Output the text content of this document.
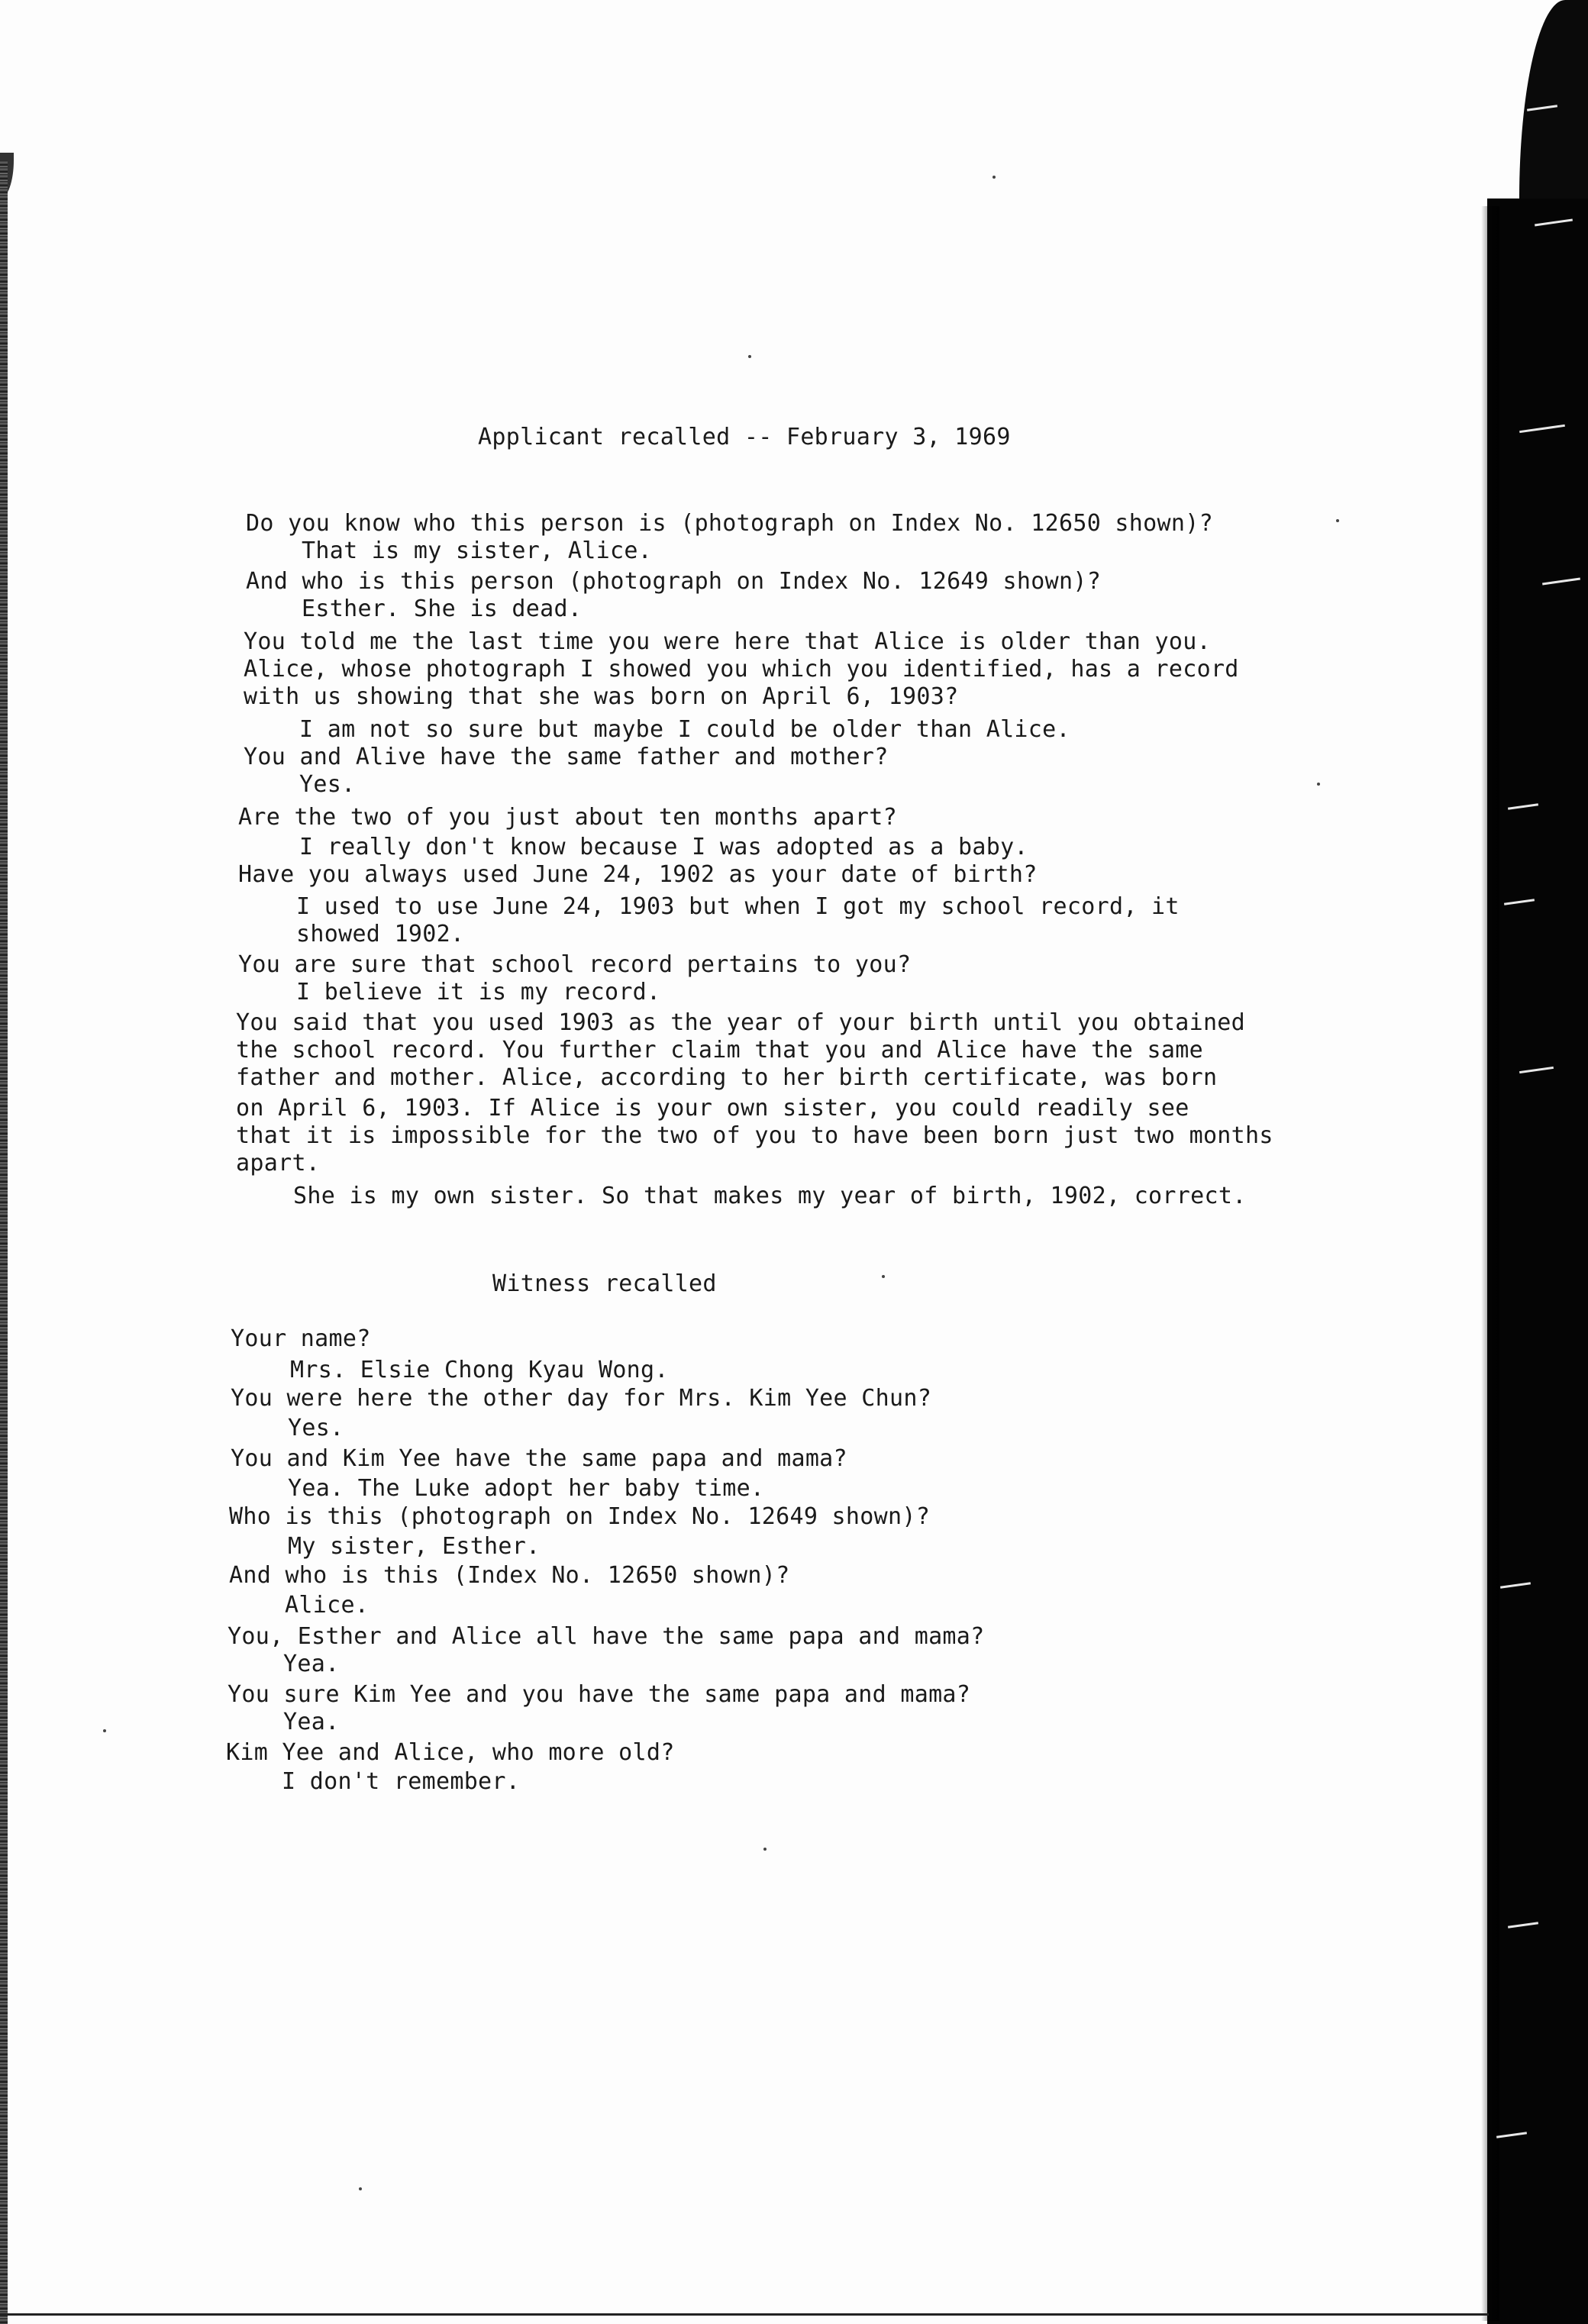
Applicant recalled -- February 3, 1969
Do you know who this person is (photograph on Index No. 12650 shown)?
That is my sister, Alice.
And who is this person (photograph on Index No. 12649 shown)?
Esther. She is dead.
You told me the last time you were here that Alice is older than you.
Alice, whose photograph I showed you which you identified, has a record
with us showing that she was born on April 6, 1903?
I am not so sure but maybe I could be older than Alice.
You and Alive have the same father and mother?
Yes.
Are the two of you just about ten months apart?
I really don't know because I was adopted as a baby.
Have you always used June 24, 1902 as your date of birth?
I used to use June 24, 1903 but when I got my school record, it
showed 1902.
You are sure that school record pertains to you?
I believe it is my record.
You said that you used 1903 as the year of your birth until you obtained
the school record. You further claim that you and Alice have the same
father and mother. Alice, according to her birth certificate, was born
on April 6, 1903. If Alice is your own sister, you could readily see
that it is impossible for the two of you to have been born just two months
apart.
She is my own sister. So that makes my year of birth, 1902, correct.
Witness recalled
Your name?
Mrs. Elsie Chong Kyau Wong.
You were here the other day for Mrs. Kim Yee Chun?
Yes.
You and Kim Yee have the same papa and mama?
Yea. The Luke adopt her baby time.
Who is this (photograph on Index No. 12649 shown)?
My sister, Esther.
And who is this (Index No. 12650 shown)?
Alice.
You, Esther and Alice all have the same papa and mama?
Yea.
You sure Kim Yee and you have the same papa and mama?
Yea.
Kim Yee and Alice, who more old?
I don't remember.
